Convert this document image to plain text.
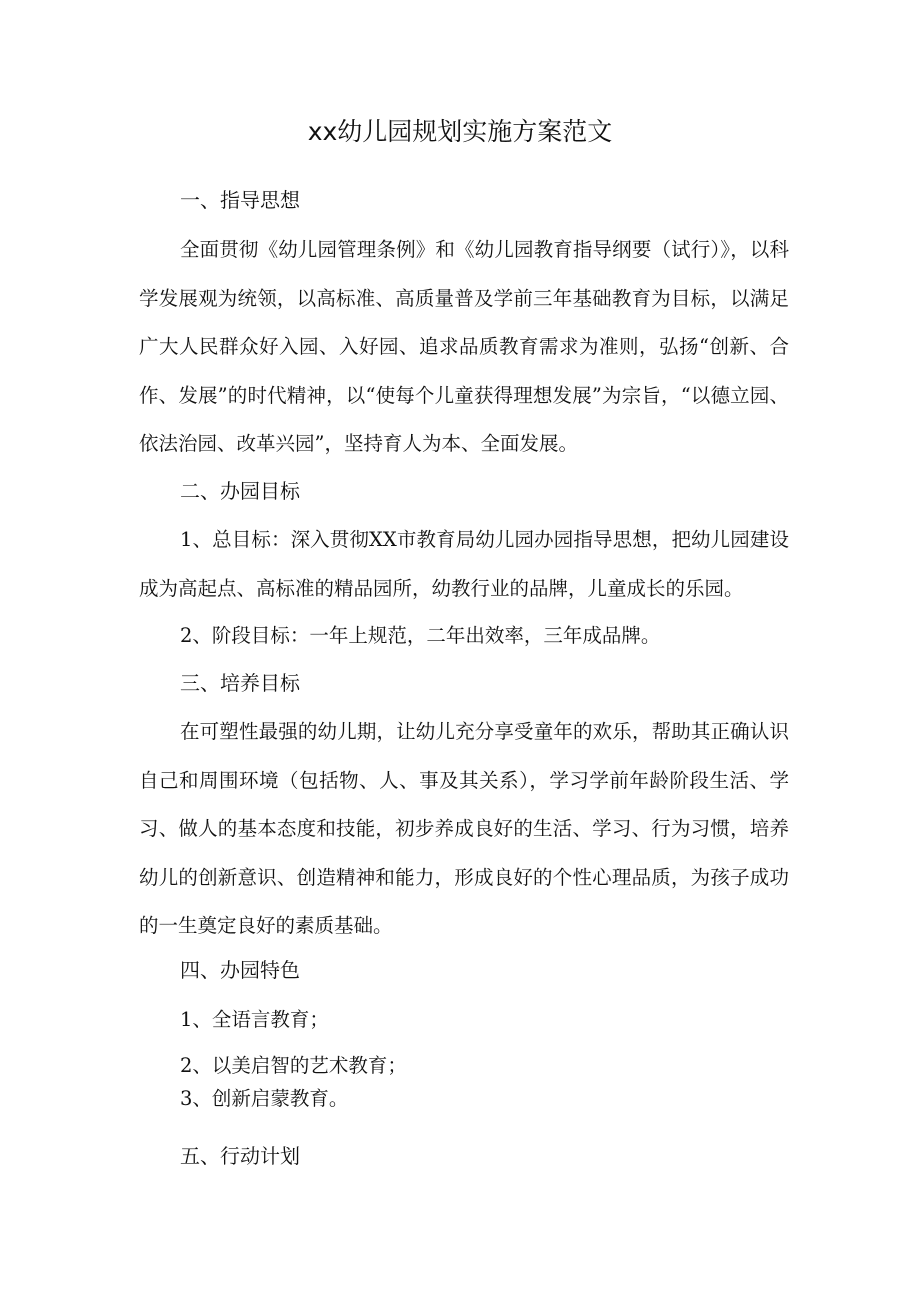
xx幼儿园规划实施方案范文
一、指导思想

全面贯彻《幼儿园管理条例》和《幼儿园教育指导纲要（试行）》，以科学发展观为统领，以高标准、高质量普及学前三年基础教育为目标，以满足广大人民群众好入园、入好园、追求品质教育需求为准则，弘扬“创新、合作、发展”的时代精神，以“使每个儿童获得理想发展”为宗旨，“以德立园、依法治园、改革兴园”，坚持育人为本、全面发展。

二、办园目标

1、总目标：深入贯彻XX市教育局幼儿园办园指导思想，把幼儿园建设成为高起点、高标准的精品园所，幼教行业的品牌，儿童成长的乐园。

2、阶段目标：一年上规范，二年出效率，三年成品牌。

三、培养目标

在可塑性最强的幼儿期，让幼儿充分享受童年的欢乐，帮助其正确认识自己和周围环境（包括物、人、事及其关系），学习学前年龄阶段生活、学习、做人的基本态度和技能，初步养成良好的生活、学习、行为习惯，培养幼儿的创新意识、创造精神和能力，形成良好的个性心理品质，为孩子成功的一生奠定良好的素质基础。

四、办园特色

1、全语言教育；

2、以美启智的艺术教育；

3、创新启蒙教育。

五、行动计划
